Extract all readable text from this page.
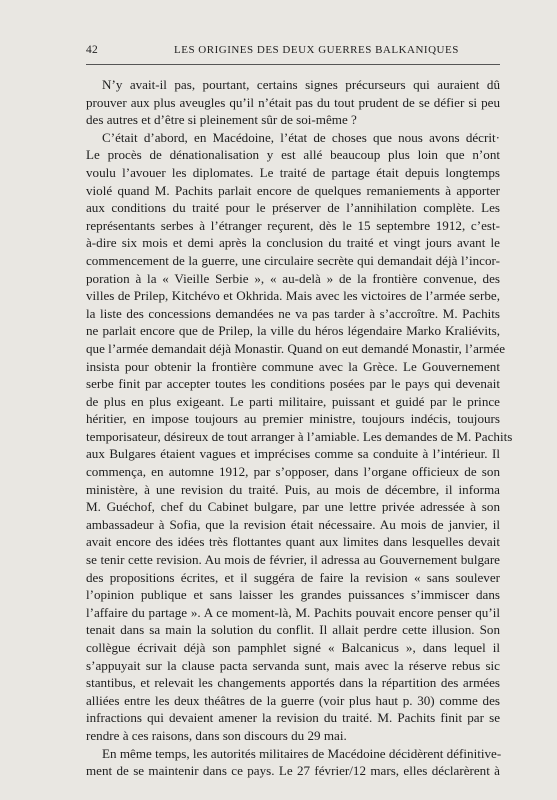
42	LES ORIGINES DES DEUX GUERRES BALKANIQUES
N’y avait-il pas, pourtant, certains signes précurseurs qui auraient dû
prouver aux plus aveugles qu’il n’était pas du tout prudent de se défier si peu
des autres et d’être si pleinement sûr de soi-même ?
C’était d’abord, en Macédoine, l’état de choses que nous avons décrit·
Le procès de dénationalisation y est allé beaucoup plus loin que n’ont
voulu l’avouer les diplomates. Le traité de partage était depuis longtemps
violé quand M. Pachits parlait encore de quelques remaniements à apporter
aux conditions du traité pour le préserver de l’annihilation complète. Les
représentants serbes à l’étranger reçurent, dès le 15 septembre 1912, c’est-
à-dire six mois et demi après la conclusion du traité et vingt jours avant le
commencement de la guerre, une circulaire secrète qui demandait déjà l’incor-
poration à la « Vieille Serbie », « au-delà » de la frontière convenue, des
villes de Prilep, Kitchévo et Okhrida. Mais avec les victoires de l’armée serbe,
la liste des concessions demandées ne va pas tarder à s’accroître. M. Pachits
ne parlait encore que de Prilep, la ville du héros légendaire Marko Kraliévits,
que l’armée demandait déjà Monastir. Quand on eut demandé Monastir, l’armée
insista pour obtenir la frontière commune avec la Grèce. Le Gouvernement
serbe finit par accepter toutes les conditions posées par le pays qui devenait
de plus en plus exigeant. Le parti militaire, puissant et guidé par le prince
héritier, en impose toujours au premier ministre, toujours indécis, toujours
temporisateur, désireux de tout arranger à l’amiable. Les demandes de M. Pachits
aux Bulgares étaient vagues et imprécises comme sa conduite à l’intérieur. Il
commença, en automne 1912, par s’opposer, dans l’organe officieux de son
ministère, à une revision du traité. Puis, au mois de décembre, il informa
M. Guéchof, chef du Cabinet bulgare, par une lettre privée adressée à son
ambassadeur à Sofia, que la revision était nécessaire. Au mois de janvier, il
avait encore des idées très flottantes quant aux limites dans lesquelles devait
se tenir cette revision. Au mois de février, il adressa au Gouvernement bulgare
des propositions écrites, et il suggéra de faire la revision « sans soulever
l’opinion publique et sans laisser les grandes puissances s’immiscer dans
l’affaire du partage ». A ce moment-là, M. Pachits pouvait encore penser qu’il
tenait dans sa main la solution du conflit. Il allait perdre cette illusion. Son
collègue écrivait déjà son pamphlet signé « Balcanicus », dans lequel il
s’appuyait sur la clause pacta servanda sunt, mais avec la réserve rebus sic
stantibus, et relevait les changements apportés dans la répartition des armées
alliées entre les deux théâtres de la guerre (voir plus haut p. 30) comme des
infractions qui devaient amener la revision du traité. M. Pachits finit par se
rendre à ces raisons, dans son discours du 29 mai.
En même temps, les autorités militaires de Macédoine décidèrent définitive-
ment de se maintenir dans ce pays. Le 27 février/12 mars, elles déclarèrent à
